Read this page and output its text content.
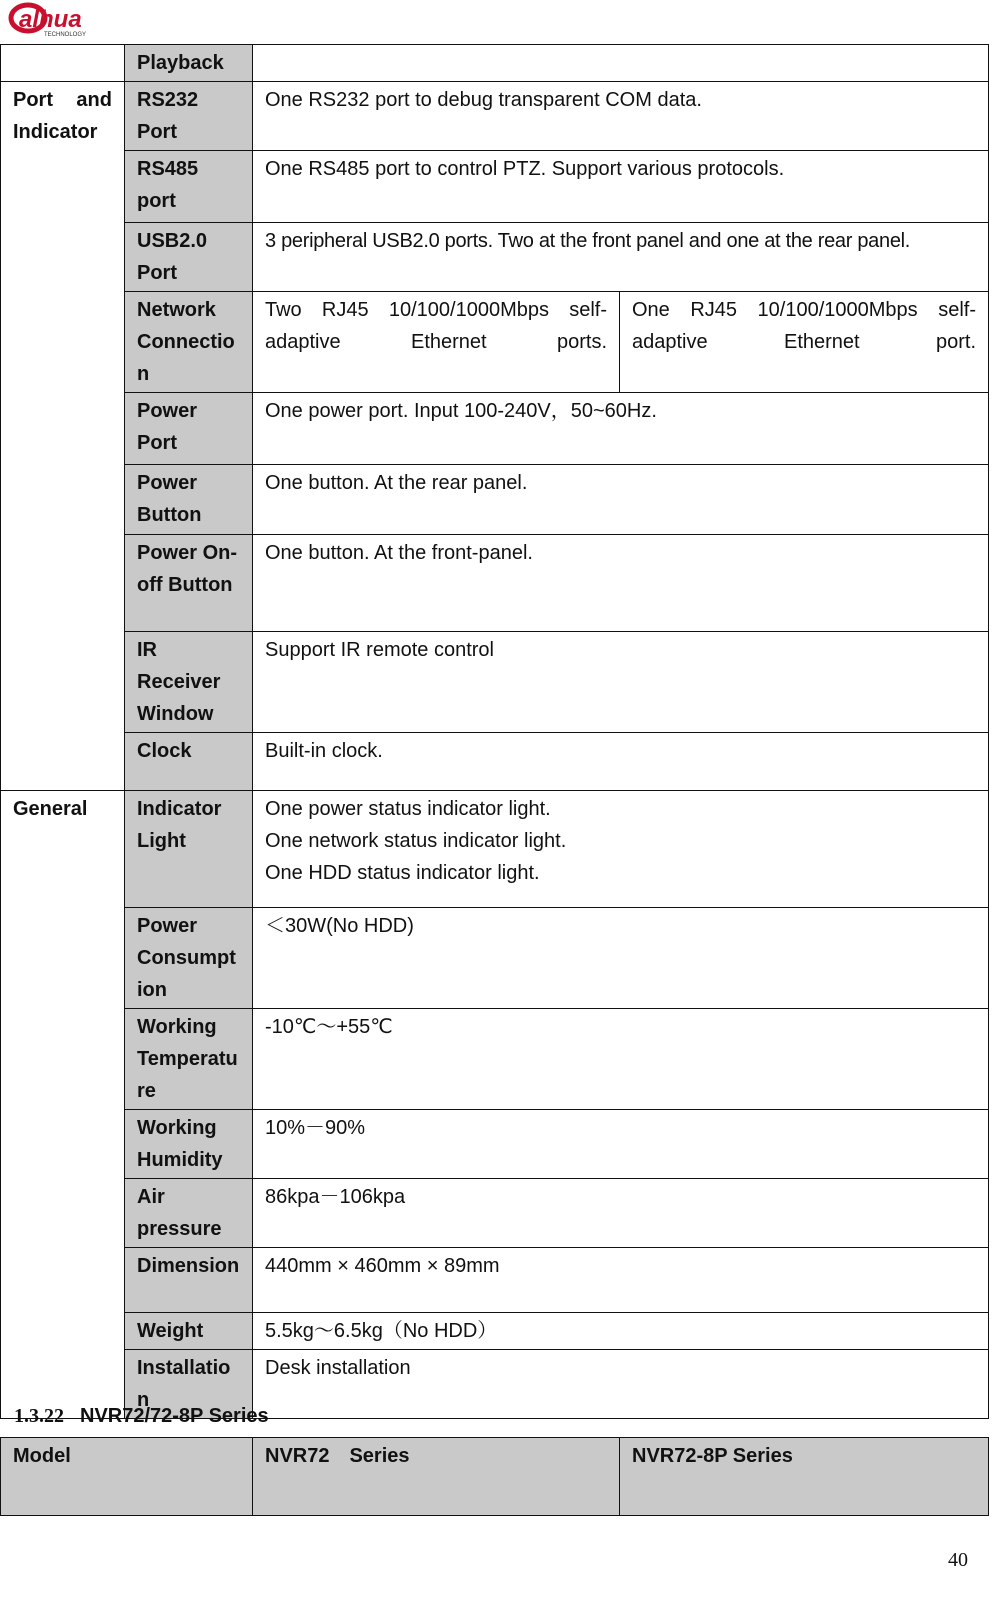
alhua
TECHNOLOGY
	Playback		
Port and Indicator	RS232 Port	One RS232 port to debug transparent COM data.	
	RS485 port	One RS485 port to control PTZ. Support various protocols.	
	USB2.0 Port	3 peripheral USB2.0 ports. Two at the front panel and one at the rear panel.	
	Network Connection	Two RJ45 10/100/1000Mbps self-adaptive Ethernet ports.	One RJ45 10/100/1000Mbps self-adaptive Ethernet port.
	Power Port	One power port. Input 100-240V，50~60Hz.	
	Power Button	One button. At the rear panel.	
	Power On-off Button	One button. At the front-panel.	
	IR Receiver Window	Support IR remote control	
	Clock	Built-in clock.	
General	Indicator Light	One power status indicator light.
One network status indicator light.
One HDD status indicator light.	

	Power Consumption	＜30W(No HDD)	
	Working Temperature	-10℃～+55℃	
	Working Humidity	10%－90%	
	Air pressure	86kpa－106kpa	
	Dimension	440mm × 460mm × 89mm	
	Weight	5.5kg～6.5kg（No HDD）	
	Installation	Desk installation	
1.3.22 NVR72/72-8P Series
Model	NVR72　Series	NVR72-8P Series
40
